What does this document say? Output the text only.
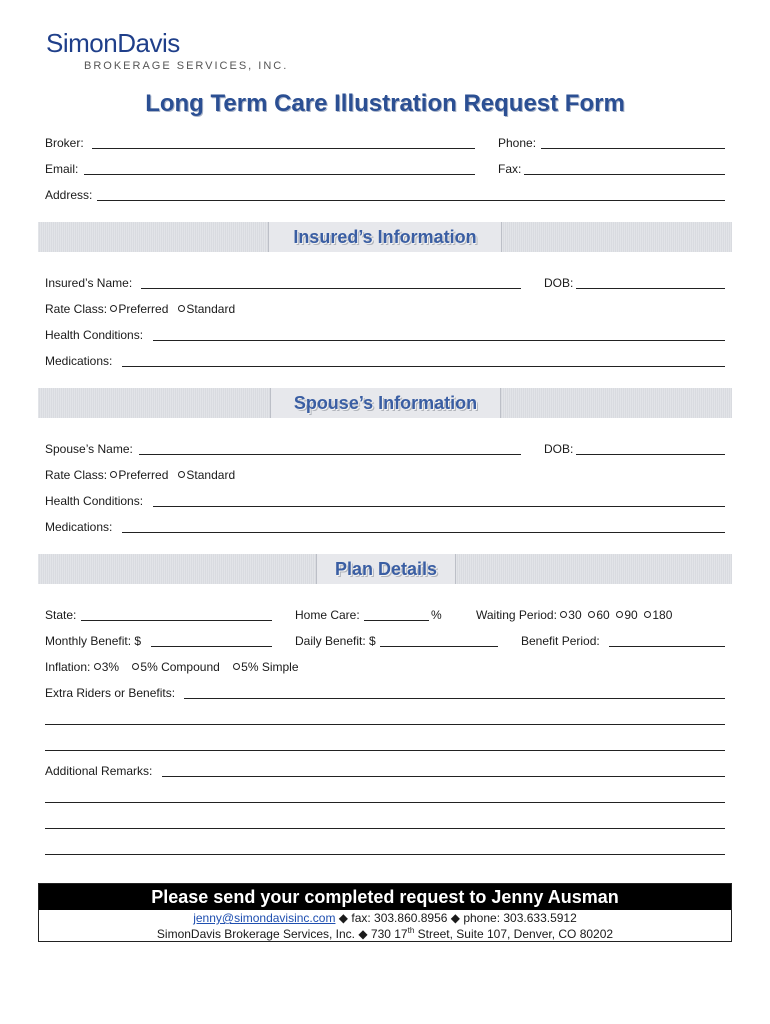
SimonDavis
BROKERAGE SERVICES, INC.
Long Term Care Illustration Request Form
Broker:	Phone:
Email:	Fax:
Address:
Insured’s Information
Insured’s Name:	DOB:
Rate Class: Preferred Standard
Health Conditions:
Medications:
Spouse’s Information
Spouse’s Name:	DOB:
Rate Class: Preferred Standard
Health Conditions:
Medications:
Plan Details
State:	Home Care:	%	Waiting Period: 30 60 90 180
Monthly Benefit: $	Daily Benefit: $	Benefit Period:
Inflation: 3% 5% Compound 5% Simple
Extra Riders or Benefits:
Additional Remarks:
Please send your completed request to Jenny Ausman
jenny@simondavisinc.com ◆ fax: 303.860.8956 ◆ phone: 303.633.5912
SimonDavis Brokerage Services, Inc. ◆ 730 17th Street, Suite 107, Denver, CO 80202
